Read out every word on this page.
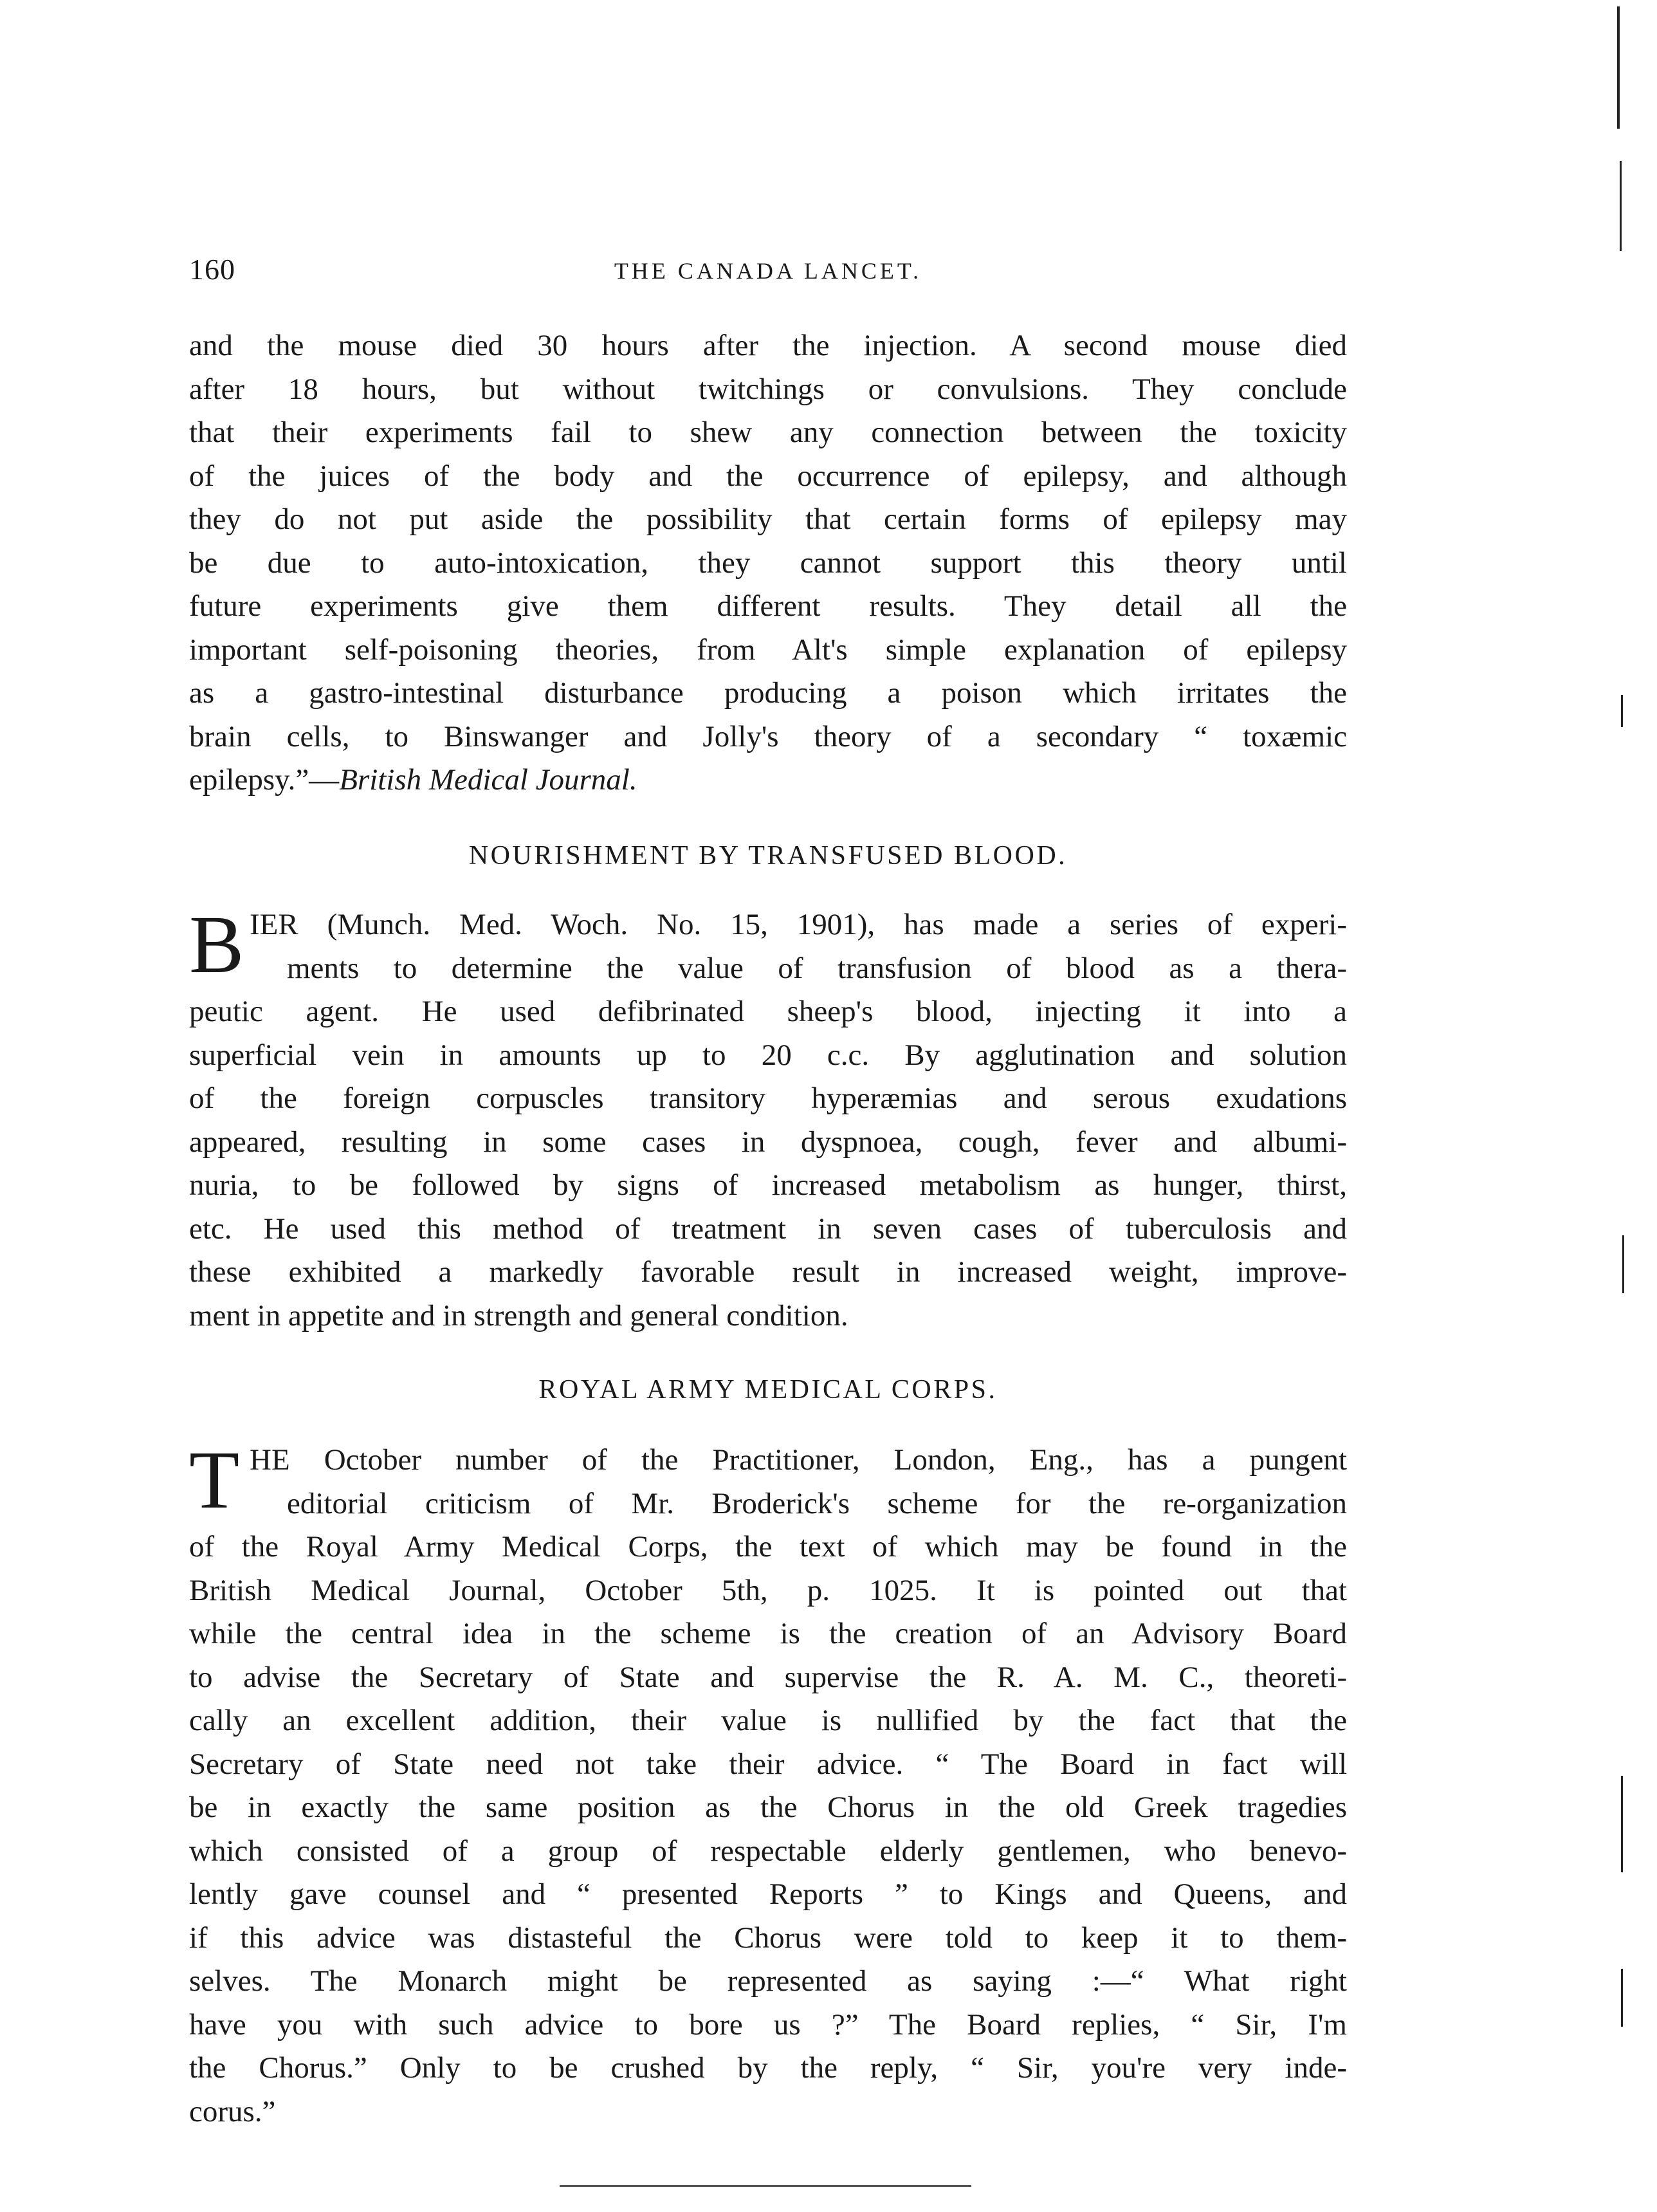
160	THE CANADA LANCET.
and the mouse died 30 hours after the injection. A second mouse died
after 18 hours, but without twitchings or convulsions. They conclude
that their experiments fail to shew any connection between the toxicity
of the juices of the body and the occurrence of epilepsy, and although
they do not put aside the possibility that certain forms of epilepsy may
be due to auto-intoxication, they cannot support this theory until
future experiments give them different results. They detail all the
important self-poisoning theories, from Alt's simple explanation of epilepsy
as a gastro-intestinal disturbance producing a poison which irritates the
brain cells, to Binswanger and Jolly's theory of a secondary “ toxæmic
epilepsy.”—British Medical Journal.
NOURISHMENT BY TRANSFUSED BLOOD.
B IER (Munch. Med. Woch. No. 15, 1901), has made a series of experi-
ments to determine the value of transfusion of blood as a thera-
peutic agent. He used defibrinated sheep's blood, injecting it into a
superficial vein in amounts up to 20 c.c. By agglutination and solution
of the foreign corpuscles transitory hyperæmias and serous exudations
appeared, resulting in some cases in dyspnoea, cough, fever and albumi-
nuria, to be followed by signs of increased metabolism as hunger, thirst,
etc. He used this method of treatment in seven cases of tuberculosis and
these exhibited a markedly favorable result in increased weight, improve-
ment in appetite and in strength and general condition.
ROYAL ARMY MEDICAL CORPS.
T HE October number of the Practitioner, London, Eng., has a pungent
editorial criticism of Mr. Broderick's scheme for the re-organization
of the Royal Army Medical Corps, the text of which may be found in the
British Medical Journal, October 5th, p. 1025. It is pointed out that
while the central idea in the scheme is the creation of an Advisory Board
to advise the Secretary of State and supervise the R. A. M. C., theoreti-
cally an excellent addition, their value is nullified by the fact that the
Secretary of State need not take their advice. “ The Board in fact will
be in exactly the same position as the Chorus in the old Greek tragedies
which consisted of a group of respectable elderly gentlemen, who benevo-
lently gave counsel and “ presented Reports ” to Kings and Queens, and
if this advice was distasteful the Chorus were told to keep it to them-
selves. The Monarch might be represented as saying :—“ What right
have you with such advice to bore us ?” The Board replies, “ Sir, I'm
the Chorus.” Only to be crushed by the reply, “ Sir, you're very inde-
corus.”
